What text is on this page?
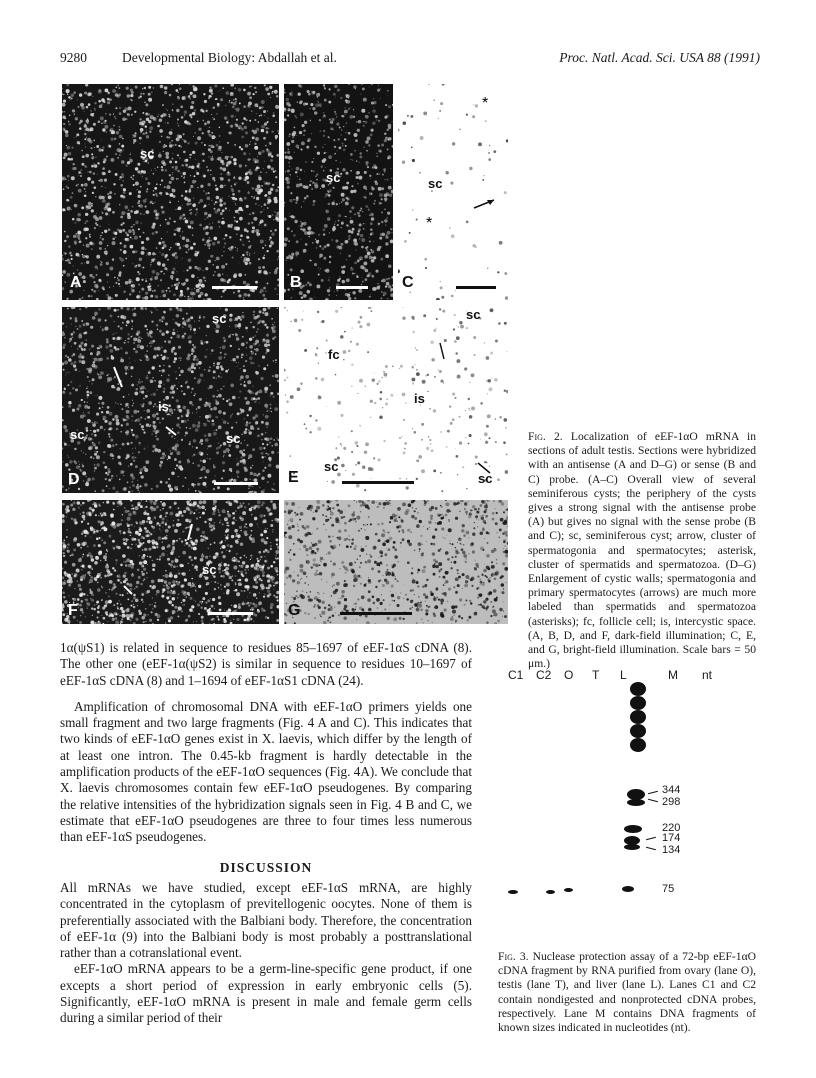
9280	Developmental Biology: Abdallah et al.	Proc. Natl. Acad. Sci. USA 88 (1991)
sc
A
sc
B
*
*
sc
C
sc
is
sc	sc
D
sc
fc
is
sc
sc
E
sc
F	G
Fig. 2. Localization of eEF-1αO mRNA in sections of adult testis. Sections were hybridized with an antisense (A and D–G) or sense (B and C) probe. (A–C) Overall view of several seminiferous cysts; the periphery of the cysts gives a strong signal with the antisense probe (A) but gives no signal with the sense probe (B and C); sc, seminiferous cyst; arrow, cluster of spermatogonia and spermatocytes; asterisk, cluster of spermatids and spermatozoa. (D–G) Enlargement of cystic walls; spermatogonia and primary spermatocytes (arrows) are much more labeled than spermatids and spermatozoa (asterisks); fc, follicle cell; is, intercystic space. (A, B, D, and F, dark-field illumination; C, E, and G, bright-field illumination. Scale bars = 50 μm.)

1α(ψS1) is related in sequence to residues 85–1697 of eEF-1αS cDNA (8). The other one (eEF-1α(ψS2) is similar in sequence to residues 10–1697 of eEF-1αS cDNA (8) and 1–1694 of eEF-1αS1 cDNA (24).

Amplification of chromosomal DNA with eEF-1αO primers yields one small fragment and two large fragments (Fig. 4 A and C). This indicates that two kinds of eEF-1αO genes exist in X. laevis, which differ by the length of at least one intron. The 0.45-kb fragment is hardly detectable in the amplification products of the eEF-1αO sequences (Fig. 4A). We conclude that X. laevis chromosomes contain few eEF-1αO pseudogenes. By comparing the relative intensities of the hybridization signals seen in Fig. 4 B and C, we estimate that eEF-1αO pseudogenes are three to four times less numerous than eEF-1αS pseudogenes.

DISCUSSION

All mRNAs we have studied, except eEF-1αS mRNA, are highly concentrated in the cytoplasm of previtellogenic oocytes. None of them is preferentially associated with the Balbiani body. Therefore, the concentration of eEF-1α (9) into the Balbiani body is most probably a posttranslational rather than a cotranslational event.

eEF-1αO mRNA appears to be a germ-line-specific gene product, if one excepts a short period of expression in early embryonic cells (5). Significantly, eEF-1αO mRNA is present in male and female germ cells during a similar period of their

C1 C2 O T L	M nt
344
298
220
174
134
75
Fig. 3. Nuclease protection assay of a 72-bp eEF-1αO cDNA fragment by RNA purified from ovary (lane O), testis (lane T), and liver (lane L). Lanes C1 and C2 contain nondigested and nonprotected cDNA probes, respectively. Lane M contains DNA fragments of known sizes indicated in nucleotides (nt).
